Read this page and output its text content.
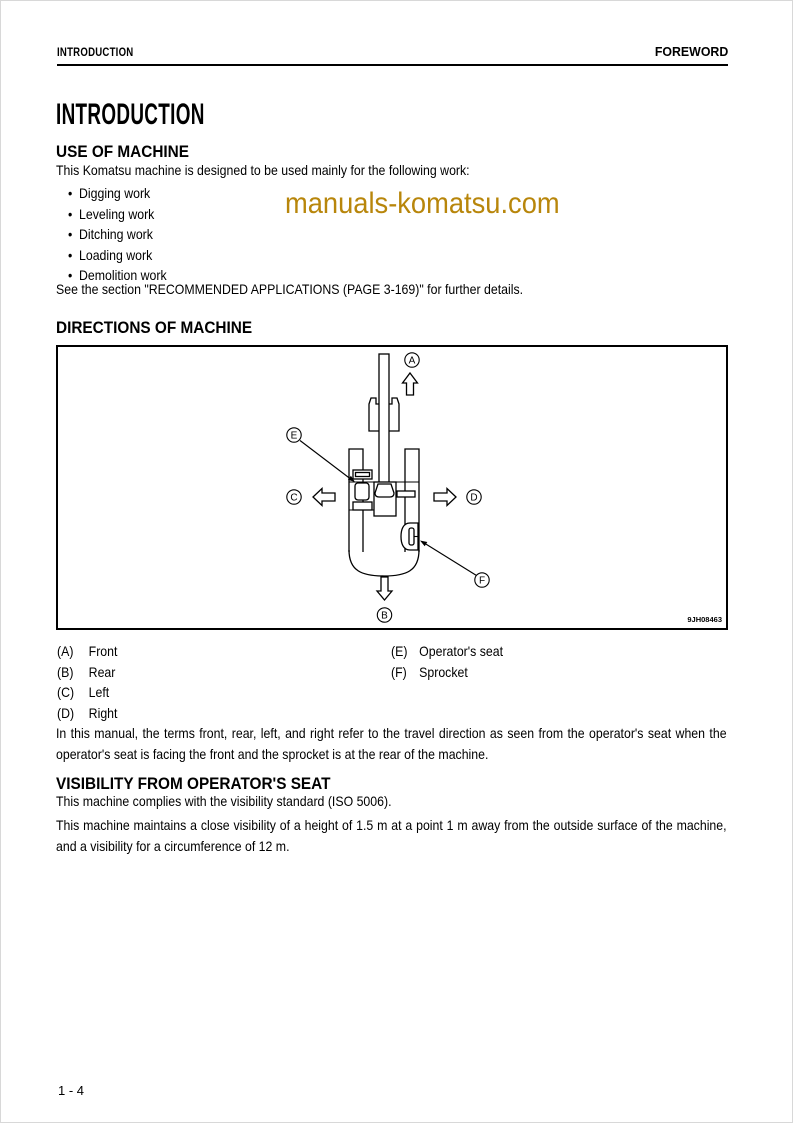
INTRODUCTION	FOREWORD
INTRODUCTION
USE OF MACHINE
This Komatsu machine is designed to be used mainly for the following work:
• Digging work
• Leveling work
• Ditching work
• Loading work
• Demolition work
See the section "RECOMMENDED APPLICATIONS (PAGE 3-169)" for further details.
manuals-komatsu.com
DIRECTIONS OF MACHINE
A
B
C	D
E
F
9JH08463
(A) Front
(B) Rear
(C) Left
(D) Right
(E) Operator's seat
(F) Sprocket
In this manual, the terms front, rear, left, and right refer to the travel direction as seen from the operator's seat when the operator's seat is facing the front and the sprocket is at the rear of the machine.
VISIBILITY FROM OPERATOR'S SEAT
This machine complies with the visibility standard (ISO 5006).
This machine maintains a close visibility of a height of 1.5 m at a point 1 m away from the outside surface of the machine, and a visibility for a circumference of 12 m.
1 - 4
